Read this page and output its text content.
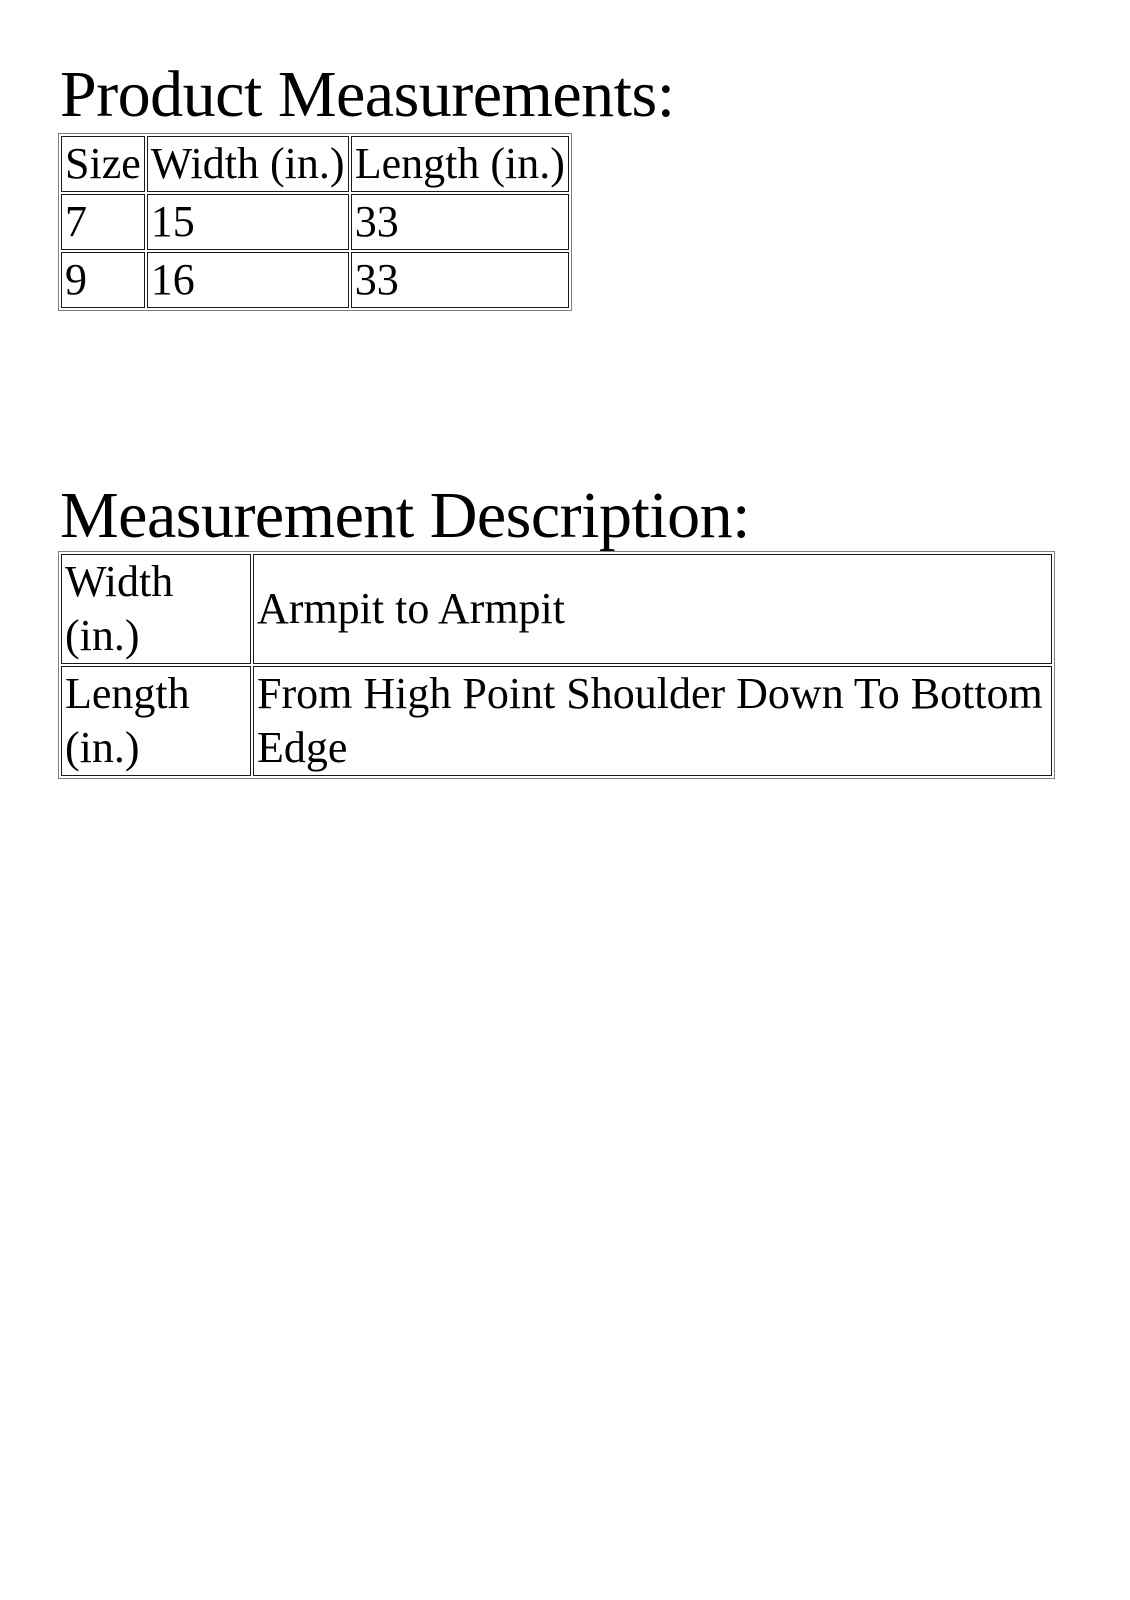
Product Measurements:
Size	Width (in.)	Length (in.)
7	15	33
9	16	33
Measurement Description:
Width (in.)	Armpit to Armpit
Length (in.)	From High Point Shoulder Down To Bottom Edge
